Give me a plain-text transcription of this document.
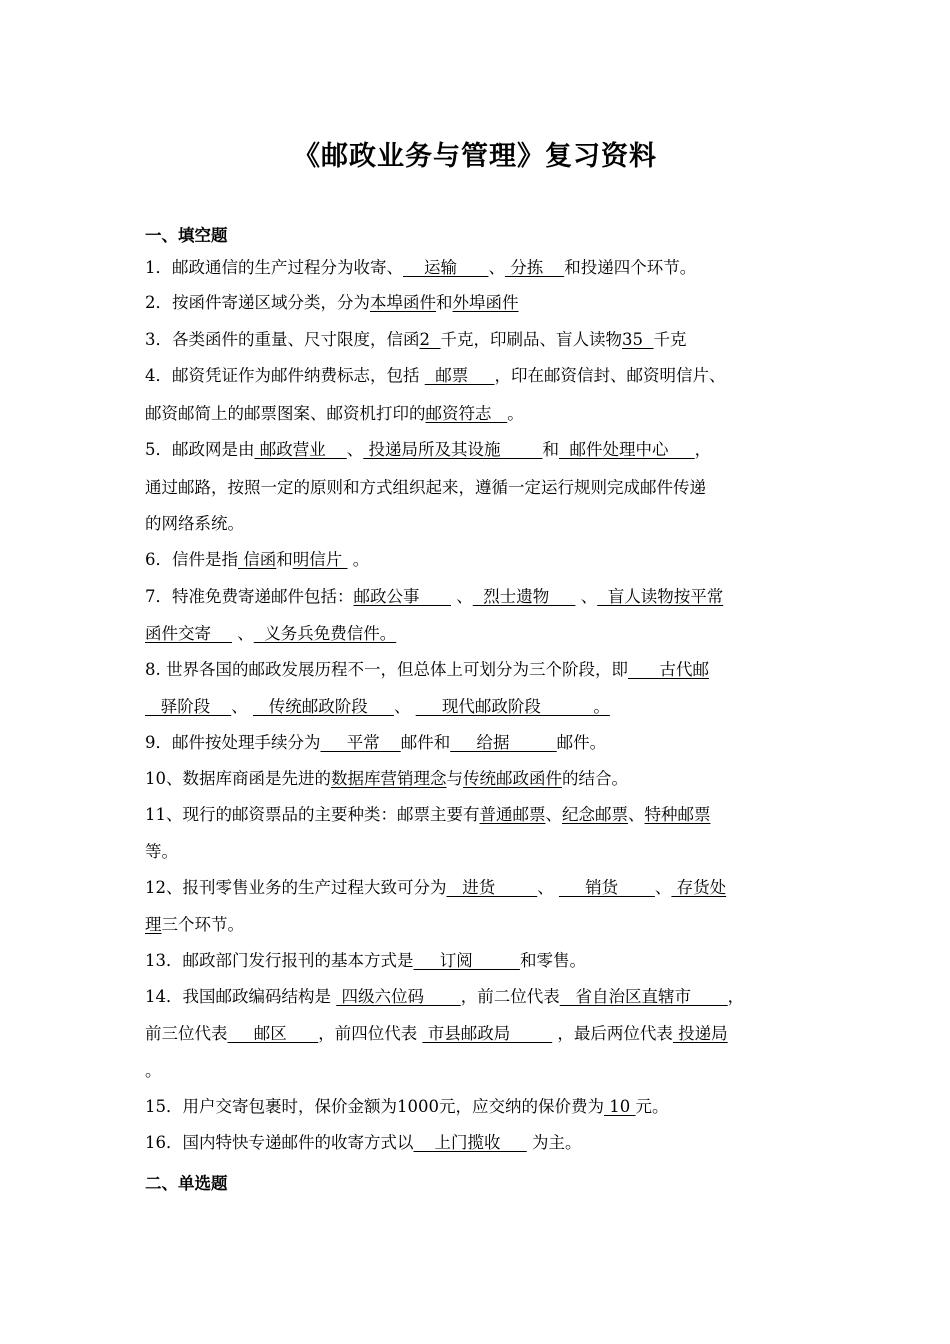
《邮政业务与管理》复习资料
一、填空题
1．邮政通信的生产过程分为收寄、    运输      、 分拣    和投递四个环节。
2．按函件寄递区域分类，分为本埠函件和外埠函件
3．各类函件的重量、尺寸限度，信函2  千克，印刷品、盲人读物35  千克
4．邮资凭证作为邮件纳费标志，包括   邮票     ，印在邮资信封、邮资明信片、
邮资邮简上的邮票图案、邮资机打印的邮资符志   。
5．邮政网是由 邮政营业    、 投递局所及其设施        和  邮件处理中心     ，
通过邮路，按照一定的原则和方式组织起来，遵循一定运行规则完成邮件传递
的网络系统。
6．信件是指 信函和明信片  。
7．特准免费寄递邮件包括：邮政公事       、  烈士遗物      、  盲人读物按平常
函件交寄     、  义务兵免费信件。
8. 世界各国的邮政发展历程不一，但总体上可划分为三个阶段，即      古代邮
驿阶段    、    传统邮政阶段     、      现代邮政阶段          。
9．邮件按处理手续分为     平常    邮件和     给据         邮件。
10、数据库商函是先进的数据库营销理念与传统邮政函件的结合。
11、现行的邮资票品的主要种类：邮票主要有普通邮票、纪念邮票、特种邮票
等。
12、报刊零售业务的生产过程大致可分为   进货        、      销货       、 存货处
理三个环节。
13．邮政部门发行报刊的基本方式是     订阅         和零售。
14．我国邮政编码结构是  四级六位码       ，前二位代表   省自治区直辖市       ，
前三位代表     邮区      ，前四位代表  市县邮政局         ，最后两位代表 投递局
。
15．用户交寄包裹时，保价金额为1000元，应交纳的保价费为 10 元。
16．国内特快专递邮件的收寄方式以    上门揽收      为主。
二、单选题
